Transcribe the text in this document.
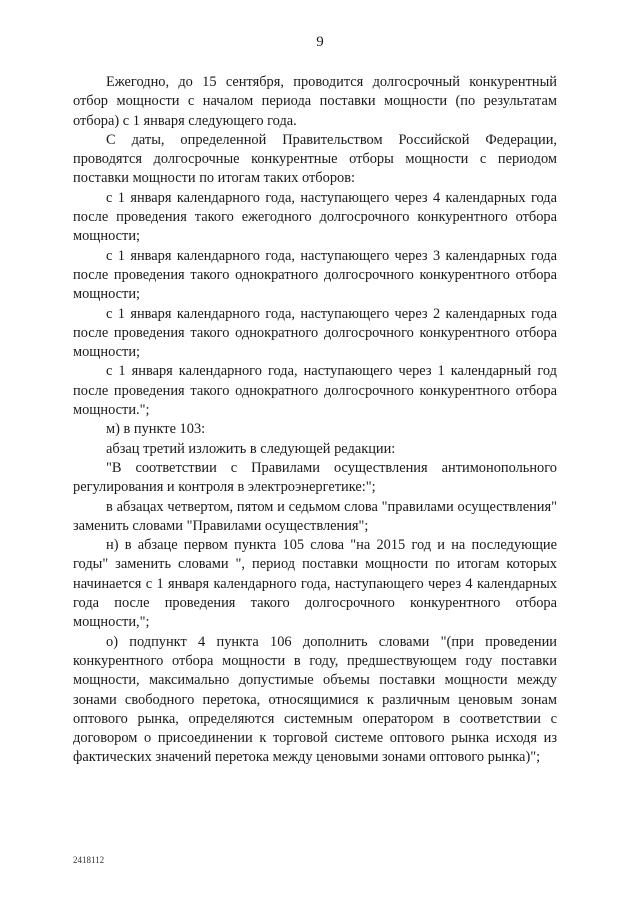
9

Ежегодно, до 15 сентября, проводится долгосрочный конкурентный отбор мощности с началом периода поставки мощности (по результатам отбора) с 1 января следующего года.

С даты, определенной Правительством Российской Федерации, проводятся долгосрочные конкурентные отборы мощности с периодом поставки мощности по итогам таких отборов:

с 1 января календарного года, наступающего через 4 календарных года после проведения такого ежегодного долгосрочного конкурентного отбора мощности;

с 1 января календарного года, наступающего через 3 календарных года после проведения такого однократного долгосрочного конкурентного отбора мощности;

с 1 января календарного года, наступающего через 2 календарных года после проведения такого однократного долгосрочного конкурентного отбора мощности;

с 1 января календарного года, наступающего через 1 календарный год после проведения такого однократного долгосрочного конкурентного отбора мощности.";

м) в пункте 103:

абзац третий изложить в следующей редакции:

"В соответствии с Правилами осуществления антимонопольного регулирования и контроля в электроэнергетике:";

в абзацах четвертом, пятом и седьмом слова "правилами осуществления" заменить словами "Правилами осуществления";

н) в абзаце первом пункта 105 слова "на 2015 год и на последующие годы" заменить словами ", период поставки мощности по итогам которых начинается с 1 января календарного года, наступающего через 4 календарных года после проведения такого долгосрочного конкурентного отбора мощности,";

о) подпункт 4 пункта 106 дополнить словами "(при проведении конкурентного отбора мощности в году, предшествующем году поставки мощности, максимально допустимые объемы поставки мощности между зонами свободного перетока, относящимися к различным ценовым зонам оптового рынка, определяются системным оператором в соответствии с договором о присоединении к торговой системе оптового рынка исходя из фактических значений перетока между ценовыми зонами оптового рынка)";

2418112
